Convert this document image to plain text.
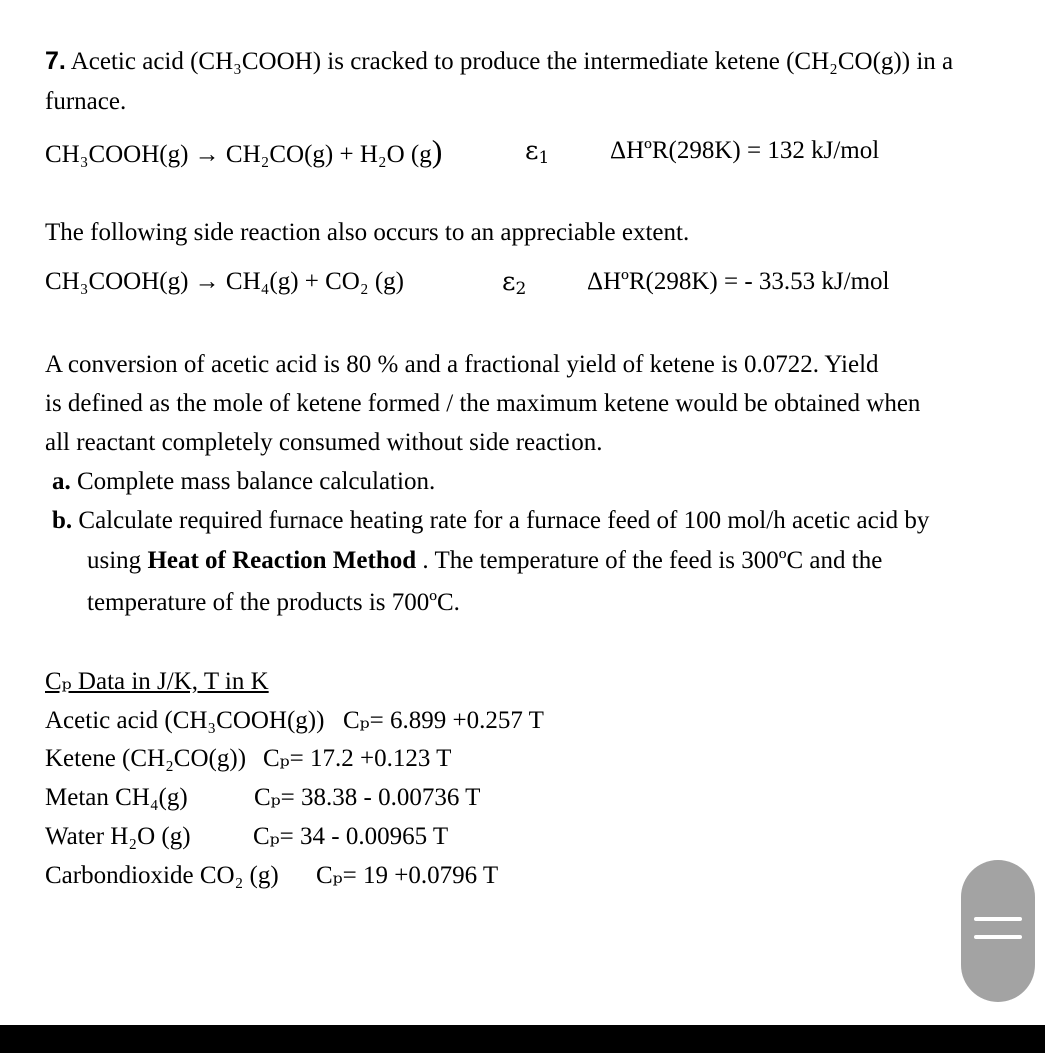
7. Acetic acid (CH₃COOH) is cracked to produce the intermediate ketene (CH₂CO(g)) in a
furnace.
CH₃COOH(g) → CH₂CO(g) + H₂O (g)	$\varepsilon_1$ ΔHºR(298K) = 132 kJ/mol
The following side reaction also occurs to an appreciable extent.
CH₃COOH(g) → CH₄(g) + CO₂ (g)	$\varepsilon_2$ ΔHºR(298K) = - 33.53 kJ/mol
A conversion of acetic acid is 80 % and a fractional yield of ketene is 0.0722. Yield
is defined as the mole of ketene formed / the maximum ketene would be obtained when
all reactant completely consumed without side reaction.
a. Complete mass balance calculation.
b. Calculate required furnace heating rate for a furnace feed of 100 mol/h acetic acid by
using Heat of Reaction Method . The temperature of the feed is 300ºC and the
temperature of the products is 700ºC.
Cₚ Data in J/K, T in K
Acetic acid (CH₃COOH(g)) Cₚ= 6.899 +0.257 T
Ketene (CH₂CO(g)) Cₚ= 17.2 +0.123 T
Metan CH₄(g)	Cₚ= 38.38 - 0.00736 T
Water H₂O (g) Cₚ= 34 - 0.00965 T
Carbondioxide CO₂ (g) Cₚ= 19 +0.0796 T
